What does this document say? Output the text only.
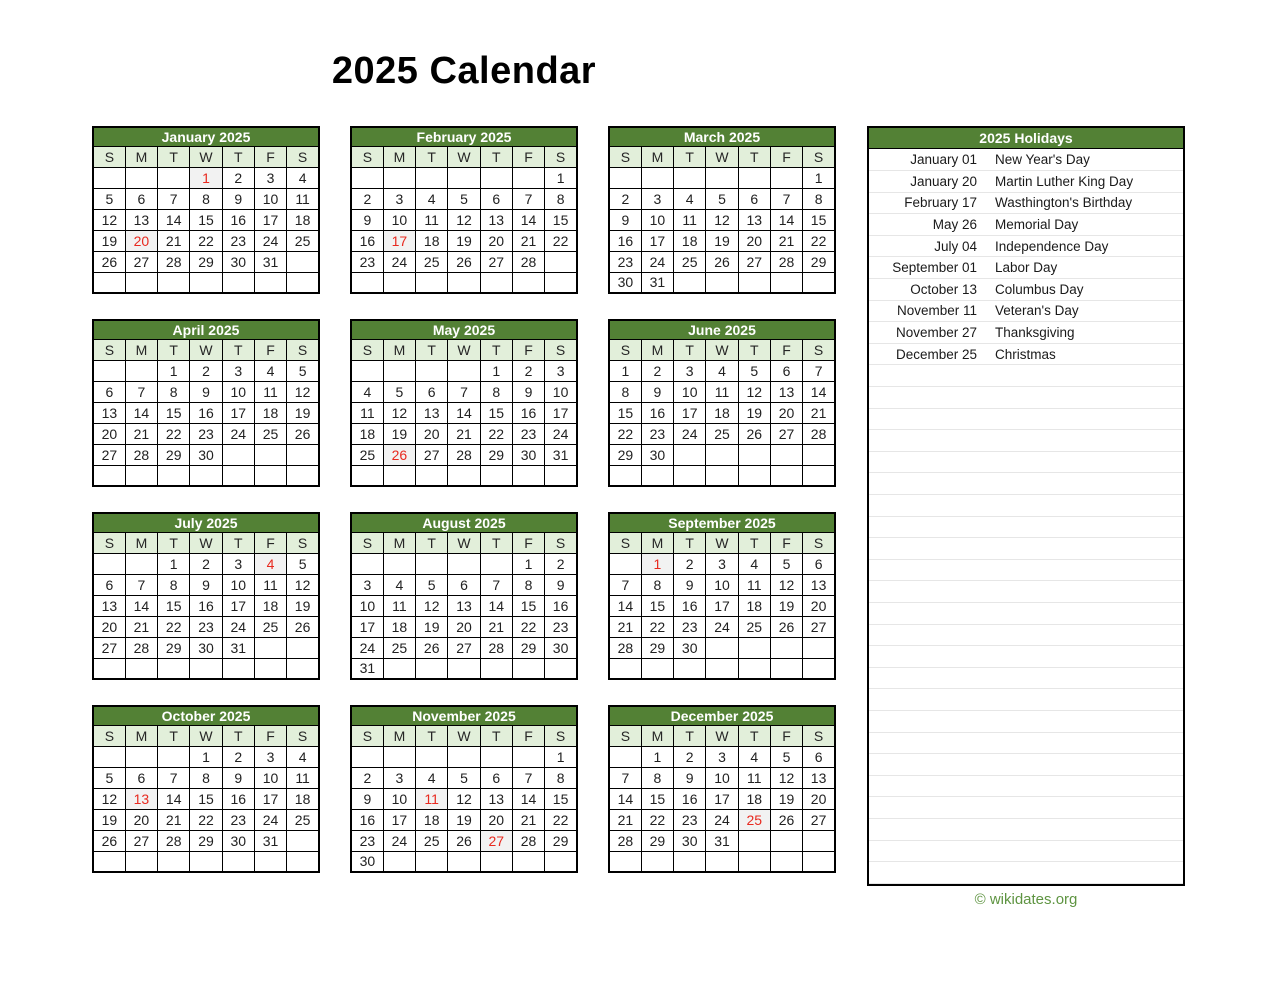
2025 Calendar
January 2025						
S	M	T	W	T	F	S
			1	2	3	4
5	6	7	8	9	10	11
12	13	14	15	16	17	18
19	20	21	22	23	24	25
26	27	28	29	30	31	

February 2025						
S	M	T	W	T	F	S
						1
2	3	4	5	6	7	8
9	10	11	12	13	14	15
16	17	18	19	20	21	22
23	24	25	26	27	28	

March 2025						
S	M	T	W	T	F	S
						1
2	3	4	5	6	7	8
9	10	11	12	13	14	15
16	17	18	19	20	21	22
23	24	25	26	27	28	29
30	31					
April 2025						
S	M	T	W	T	F	S
		1	2	3	4	5
6	7	8	9	10	11	12
13	14	15	16	17	18	19
20	21	22	23	24	25	26
27	28	29	30			

May 2025						
S	M	T	W	T	F	S
				1	2	3
4	5	6	7	8	9	10
11	12	13	14	15	16	17
18	19	20	21	22	23	24
25	26	27	28	29	30	31

June 2025						
S	M	T	W	T	F	S
1	2	3	4	5	6	7
8	9	10	11	12	13	14
15	16	17	18	19	20	21
22	23	24	25	26	27	28
29	30					

July 2025						
S	M	T	W	T	F	S
		1	2	3	4	5
6	7	8	9	10	11	12
13	14	15	16	17	18	19
20	21	22	23	24	25	26
27	28	29	30	31		

August 2025						
S	M	T	W	T	F	S
					1	2
3	4	5	6	7	8	9
10	11	12	13	14	15	16
17	18	19	20	21	22	23
24	25	26	27	28	29	30
31						
September 2025						
S	M	T	W	T	F	S
	1	2	3	4	5	6
7	8	9	10	11	12	13
14	15	16	17	18	19	20
21	22	23	24	25	26	27
28	29	30				

October 2025						
S	M	T	W	T	F	S
			1	2	3	4
5	6	7	8	9	10	11
12	13	14	15	16	17	18
19	20	21	22	23	24	25
26	27	28	29	30	31	

November 2025						
S	M	T	W	T	F	S
						1
2	3	4	5	6	7	8
9	10	11	12	13	14	15
16	17	18	19	20	21	22
23	24	25	26	27	28	29
30						
December 2025						
S	M	T	W	T	F	S
	1	2	3	4	5	6
7	8	9	10	11	12	13
14	15	16	17	18	19	20
21	22	23	24	25	26	27
28	29	30	31			

2025 Holidays
January 01	New Year's Day
January 20	Martin Luther King Day
February 17	Wasthington's Birthday
May 26	Memorial Day
July 04	Independence Day
September 01	Labor Day
October 13	Columbus Day
November 11	Veteran's Day
November 27	Thanksgiving
December 25	Christmas

© wikidates.org
